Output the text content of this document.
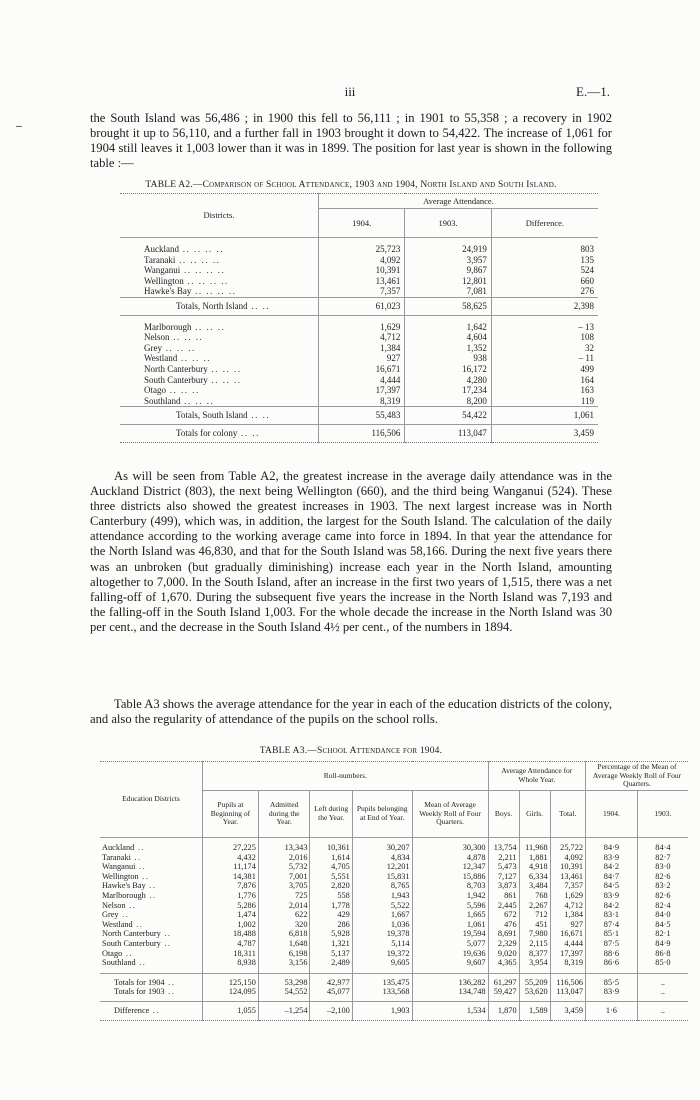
iii	E.—1.

the South Island was 56,486 ; in 1900 this fell to 56,111 ; in 1901 to 55,358 ; a recovery in 1902 brought it up to 56,110, and a further fall in 1903 brought it down to 54,422. The increase of 1,061 for 1904 still leaves it 1,003 lower than it was in 1899. The position for last year is shown in the following table :—

TABLE A2.—Comparison of School Attendance, 1903 and 1904, North Island and South Island.

Districts.	Average Attendance.		
	1904.	1903.	Difference.
Auckland .. .. .. ..	25,723	24,919	803
Taranaki .. .. .. ..	4,092	3,957	135
Wanganui .. .. .. ..	10,391	9,867	524
Wellington .. .. .. ..	13,461	12,801	660
Hawke's Bay .. .. .. ..	7,357	7,081	276
Totals, North Island .. ..	61,023	58,625	2,398
Marlborough .. .. ..	1,629	1,642	– 13
Nelson .. .. ..	4,712	4,604	108
Grey .. .. ..	1,384	1,352	32
Westland .. .. ..	927	938	– 11
North Canterbury .. .. ..	16,671	16,172	499
South Canterbury .. .. ..	4,444	4,280	164
Otago .. .. ..	17,397	17,234	163
Southland .. .. ..	8,319	8,200	119
Totals, South Island .. ..	55,483	54,422	1,061
Totals for colony .. ..	116,506	113,047	3,459

As will be seen from Table A2, the greatest increase in the average daily attendance was in the Auckland District (803), the next being Wellington (660), and the third being Wanganui (524). These three districts also showed the greatest increases in 1903. The next largest increase was in North Canterbury (499), which was, in addition, the largest for the South Island. The calculation of the daily attendance according to the working average came into force in 1894. In that year the attendance for the North Island was 46,830, and that for the South Island was 58,166. During the next five years there was an unbroken (but gradually diminishing) increase each year in the North Island, amounting altogether to 7,000. In the South Island, after an increase in the first two years of 1,515, there was a net falling-off of 1,670. During the subsequent five years the increase in the North Island was 7,193 and the falling-off in the South Island 1,003. For the whole decade the increase in the North Island was 30 per cent., and the decrease in the South Island 4½ per cent., of the numbers in 1894.

Table A3 shows the average attendance for the year in each of the education districts of the colony, and also the regularity of attendance of the pupils on the school rolls.

TABLE A3.—School Attendance for 1904.

Education Districts	Roll-numbers.					Average Attendance for Whole Year.			Percentage of the Mean of Average Weekly Roll of Four Quarters.	
	Pupils at Beginning of Year.	Admitted during the Year.	Left during the Year.	Pupils belonging at End of Year.	Mean of Average Weekly Roll of Four Quarters.	Boys.	Girls.	Total.	1904.	1903.
Auckland ..	27,225	13,343	10,361	30,207	30,300	13,754	11,968	25,722	84·9	84·4
Taranaki ..	4,432	2,016	1,614	4,834	4,878	2,211	1,881	4,092	83·9	82·7
Wanganui ..	11,174	5,732	4,705	12,201	12,347	5,473	4,918	10,391	84·2	83·0
Wellington ..	14,381	7,001	5,551	15,831	15,886	7,127	6,334	13,461	84·7	82·6
Hawke's Bay ..	7,876	3,705	2,820	8,765	8,703	3,873	3,484	7,357	84·5	83·2
Marlborough ..	1,776	725	558	1,943	1,942	861	768	1,629	83·9	82·6
Nelson ..	5,286	2,014	1,778	5,522	5,596	2,445	2,267	4,712	84·2	82·4
Grey ..	1,474	622	429	1,667	1,665	672	712	1,384	83·1	84·0
Westland ..	1,002	320	286	1,036	1,061	476	451	927	87·4	84·5
North Canterbury ..	18,488	6,818	5,928	19,378	19,594	8,691	7,980	16,671	85·1	82·1
South Canterbury ..	4,787	1,648	1,321	5,114	5,077	2,329	2,115	4,444	87·5	84·9
Otago ..	18,311	6,198	5,137	19,372	19,636	9,020	8,377	17,397	88·6	86·8
Southland ..	8,938	3,156	2,489	9,605	9,607	4,365	3,954	8,319	86·6	85·0
Totals for 1904 ..	125,150	53,298	42,977	135,475	136,282	61,297	55,209	116,506	85·5	..
Totals for 1903 ..	124,095	54,552	45,077	133,568	134,748	59,427	53,620	113,047	83·9	..
Difference ..	1,055	–1,254	–2,100	1,903	1,534	1,870	1,589	3,459	1·6	..
